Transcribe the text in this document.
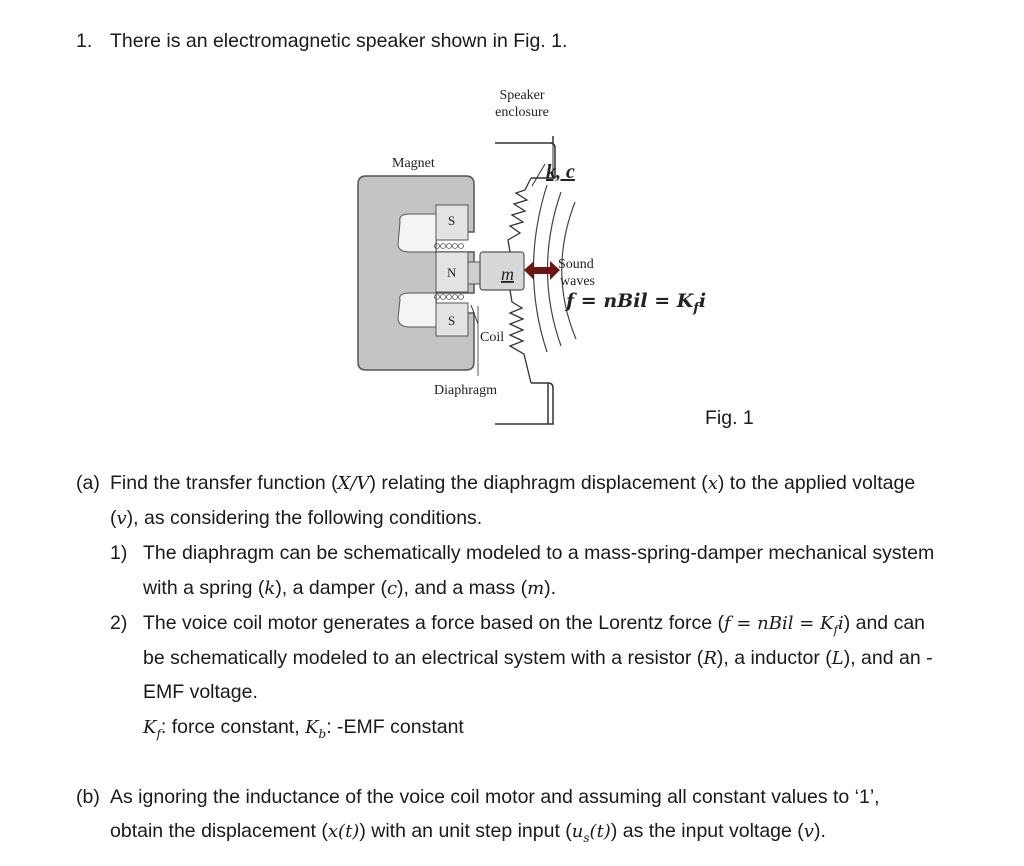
1. There is an electromagnetic speaker shown in Fig. 1.
Speaker
enclosure
Magnet	k, c
S
N
S
m	Sound
waves
f = nBil = $K_fi$
Coil
Diaphragm
Fig. 1
(a) Find the transfer function (X/V) relating the diaphragm displacement (x) to the applied voltage
(v), as considering the following conditions.
1) The diaphragm can be schematically modeled to a mass-spring-damper mechanical system
with a spring (k), a damper (c), and a mass (m).
2) The voice coil motor generates a force based on the Lorentz force (f = nBil = $K_fi$) and can
be schematically modeled to an electrical system with a resistor (R), a inductor (L), and an -
EMF voltage.
$K_f$: force constant, $K_b$: -EMF constant
(b) As ignoring the inductance of the voice coil motor and assuming all constant values to ‘1’,
obtain the displacement (x(t)) with an unit step input $(u_s(t))$ as the input voltage (v).
